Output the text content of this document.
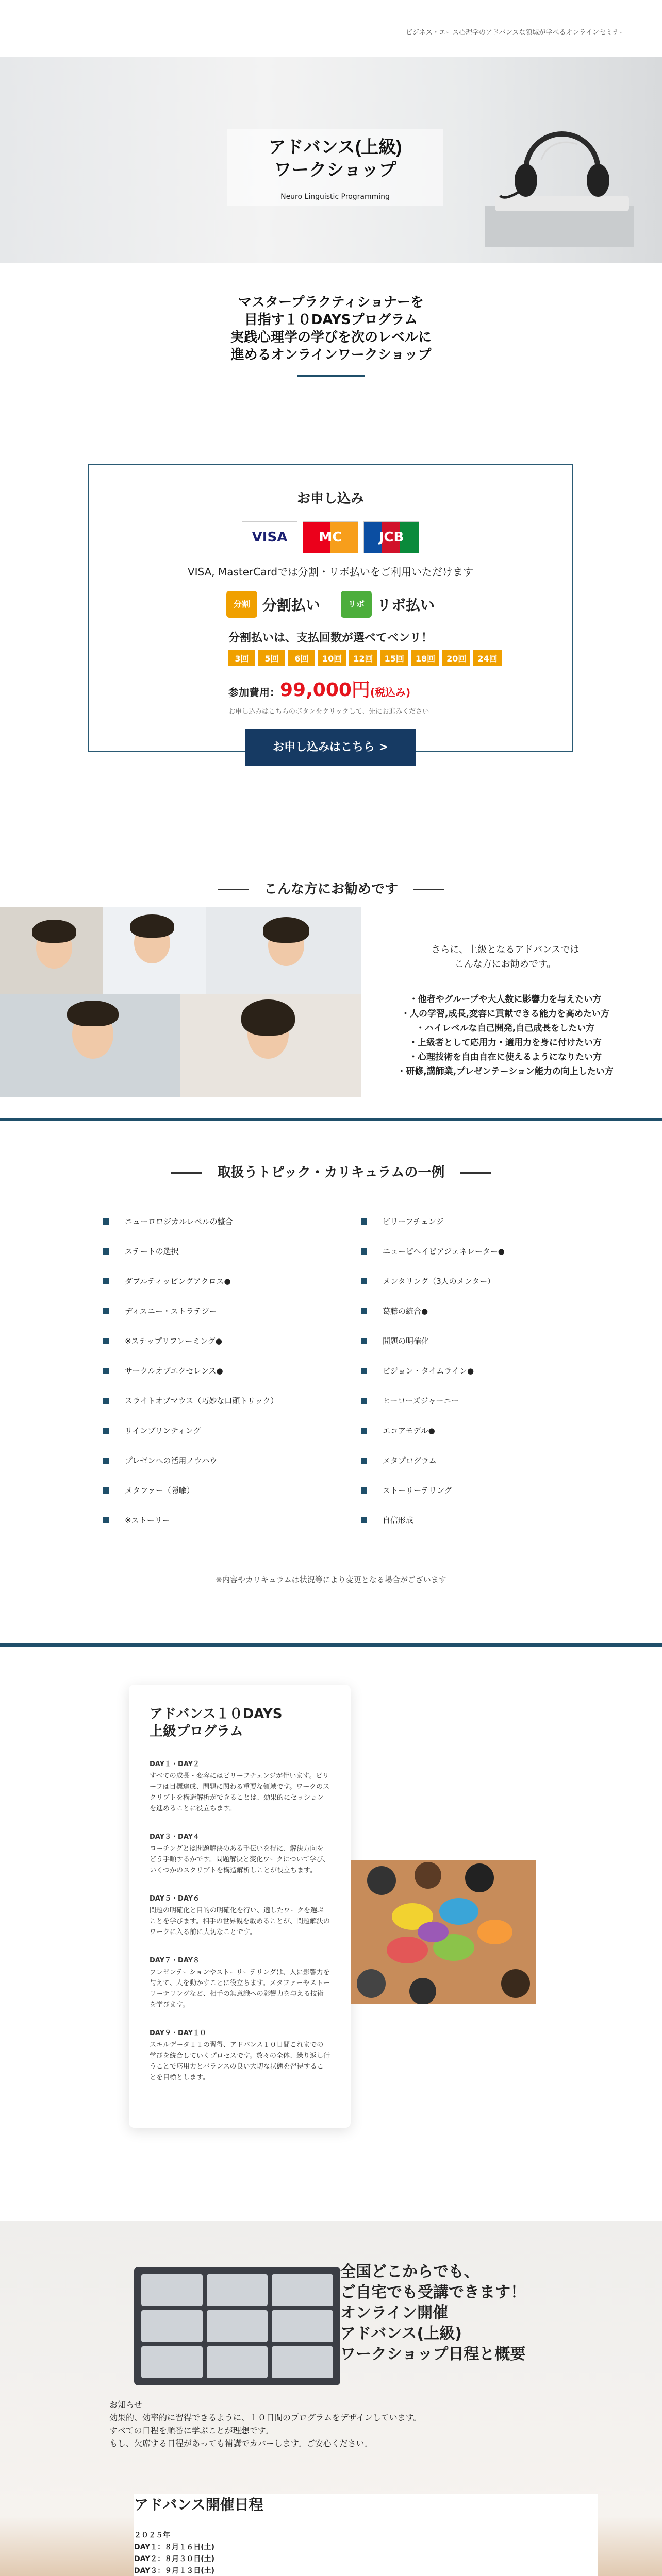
ビジネス・エース心理学のアドバンスな領域が学べるオンラインセミナー
アドバンス(上級)
ワークショップ
Neuro Linguistic Programming

マスタープラクティショナーを

目指す１０DAYSプログラム

実践心理学の学びを次のレベルに

進めるオンラインワークショップ

お申し込み
VISA	MC	JCB
VISA, MasterCardでは分割・リボ払いをご利用いただけます
分割 分割払い	リボ リボ払い
分割払いは、支払回数が選べてベンリ！
3回	5回	6回	10回	12回	15回	18回	20回	24回
参加費用：99,000円(税込み)
お申し込みはこちらのボタンをクリックして、先にお進みください
お申し込みはこちら >
こんな方にお勧めです
さらに、上級となるアドバンスでは
こんな方にお勧めです。
・他者やグループや大人数に影響力を与えたい方
・人の学習,成長,変容に貢献できる能力を高めたい方
・ハイレベルな自己開発,自己成長をしたい方
・上級者として応用力・適用力を身に付けたい方
・心理技術を自由自在に使えるようになりたい方
・研修,講師業,プレゼンテーション能力の向上したい方
取扱うトピック・カリキュラムの一例
ニューロロジカルレベルの整合
ステートの選択
ダブルティッピングアクロス●
ディスニー・ストラテジー
※ステップリフレーミング●
サークルオブエクセレンス●
スライトオブマウス（巧妙な口頭トリック）
リインプリンティング
プレゼンへの活用ノウハウ
メタファー（隠喩）
※ストーリー
ビリーフチェンジ
ニューピヘイビアジェネレーター●
メンタリング（3人のメンター）
葛藤の統合●
問題の明確化
ビジョン・タイムライン●
ヒーローズジャーニー
エコアモデル●
メタプログラム
ストーリーテリング
自信形成
※内容やカリキュラムは状況等により変更となる場合がございます
アドバンス１０DAYS
上級プログラム
DAY１・DAY２
すべての成長・変容にはビリーフチェンジが伴います。ビリーフは目標達成、問題に関わる重要な領域です。ワークのスクリプトを構造解析ができることは、効果的にセッションを進めることに役立ちます。
DAY３・DAY４
コーチングとは問題解決のある手伝いを得に、解決方向をどう手順するかです。問題解決と変化ワークについて学び、いくつかのスクリプトを構造解析しことが役立ちます。
DAY５・DAY６
問題の明確化と目的の明確化を行い、適したワークを選ぶことを学びます。相手の世界観を敏めることが、問題解決のワークに入る前に大切なことです。
DAY７・DAY８
プレゼンテーションやストーリーテリングは、人に影響力を与えて、人を動かすことに役立ちます。メタファーやストーリーテリングなど、相手の無意識への影響力を与える技術を学びます。
DAY９・DAY１０
スキルデータ１１の習得、アドバンス１０日間これまでの学びを統合していくプロセスです。数々の全体、繰り返し行うことで応用力とバランスの良い大切な状態を習得することを目標とします。
全国どこからでも、
ご自宅でも受講できます！
オンライン開催
アドバンス(上級)
ワークショップ日程と概要
お知らせ
効果的、効率的に習得できるように、１０日間のプログラムをデザインしています。
すべての日程を順番に学ぶことが理想です。
もし、欠席する日程があっても補講でカバーします。ご安心ください。
アドバンス開催日程
２０２５年
DAY１：８月１６日(土)
DAY２：８月３０日(土)
DAY３：９月１３日(土)
